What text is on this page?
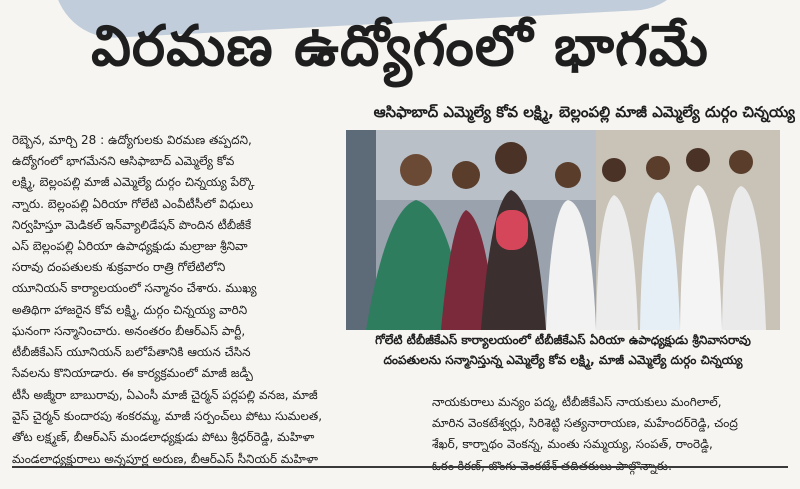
విరమణ ఉద్యోగంలో భాగమే
ఆసిఫాబాద్ ఎమ్మెల్యే కోవ లక్ష్మి, బెల్లంపల్లి మాజీ ఎమ్మెల్యే దుర్గం చిన్నయ్య

రెబ్బెన, మార్చి 28 : ఉద్యోగులకు విరమణ తప్పదని,

ఉద్యోగంలో భాగమేనని ఆసిఫాబాద్ ఎమ్మెల్యే కోవ

లక్ష్మి, బెల్లంపల్లి మాజీ ఎమ్మెల్యే దుర్గం చిన్నయ్య పేర్కొ

న్నారు. బెల్లంపల్లి ఏరియా గోలేటి ఎంవీటీసీలో విధులు

నిర్వహిస్తూ మెడికల్ ఇన్‌వ్యాలిడేషన్ పొందిన టీబీజీకే

ఎస్ బెల్లంపల్లి ఏరియా ఉపాధ్యక్షుడు మల్రాజు శ్రీనివా

సరావు దంపతులకు శుక్రవారం రాత్రి గోలేటిలోని

యూనియన్ కార్యాలయంలో సన్మానం చేశారు. ముఖ్య

అతిథిగా హాజరైన కోవ లక్ష్మి, దుర్గం చిన్నయ్య వారిని

ఘనంగా సన్మానించారు. అనంతరం బీఆర్ఎస్ పార్టీ,

టీబీజీకేఎస్ యూనియన్ బలోపేతానికి ఆయన చేసిన

సేవలను కొనియాడారు. ఈ కార్యక్రమంలో మాజీ జడ్పీ

గోలేటి టీబీజీకేఎస్ కార్యాలయంలో టీబీజీకేఎస్ ఏరియా ఉపాధ్యక్షుడు శ్రీనివాసరావు

దంపతులను సన్మానిస్తున్న ఎమ్మెల్యే కోవ లక్ష్మి, మాజీ ఎమ్మెల్యే దుర్గం చిన్నయ్య

టీసీ అజ్మీరా బాబురావు, ఏఎంసీ మాజీ చైర్మన్ పర్లపల్లి వనజ, మాజీ

వైస్ చైర్మన్ కుందారపు శంకరమ్మ, మాజీ సర్పంచ్‌లు పోటు సుమలత,

తోట లక్ష్మణ్, బీఆర్ఎస్ మండలాధ్యక్షుడు పోటు శ్రీధర్‌రెడ్డి, మహిళా

మండలాధ్యక్షురాలు అన్నపూర్ణ అరుణ, బీఆర్ఎస్ సీనియర్ మహిళా

నాయకురాలు మన్యం పద్మ, టీబీజీకేఎస్ నాయకులు మంగిలాల్,

మారిన వెంకటేశ్వర్లు, సిరిశెట్టి సత్యనారాయణ, మహేందర్‌రెడ్డి, చంద్ర

శేఖర్, కార్నాథం వెంకన్న, మంతు సమ్మయ్య, సంపత్, రాంరెడ్డి,
